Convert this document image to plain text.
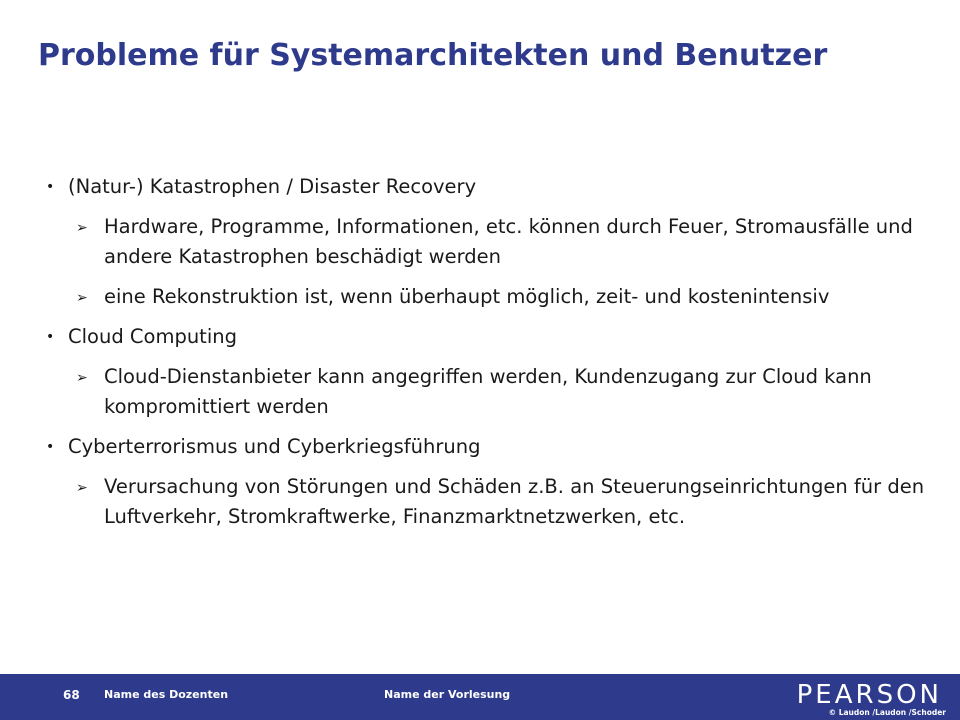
Probleme für Systemarchitekten und Benutzer
• (Natur-) Katastrophen / Disaster Recovery
➢ Hardware, Programme, Informationen, etc. können durch Feuer, Stromausfälle und andere Katastrophen beschädigt werden
➢ eine Rekonstruktion ist, wenn überhaupt möglich, zeit- und kostenintensiv
• Cloud Computing
➢ Cloud-Dienstanbieter kann angegriffen werden, Kundenzugang zur Cloud kann kompromittiert werden
• Cyberterrorismus und Cyberkriegsführung
➢ Verursachung von Störungen und Schäden z.B. an Steuerungseinrichtungen für den Luftverkehr, Stromkraftwerke, Finanzmarktnetzwerken, etc.
68 Name des Dozenten	Name der Vorlesung	PEARSON
© Laudon /Laudon /Schoder
